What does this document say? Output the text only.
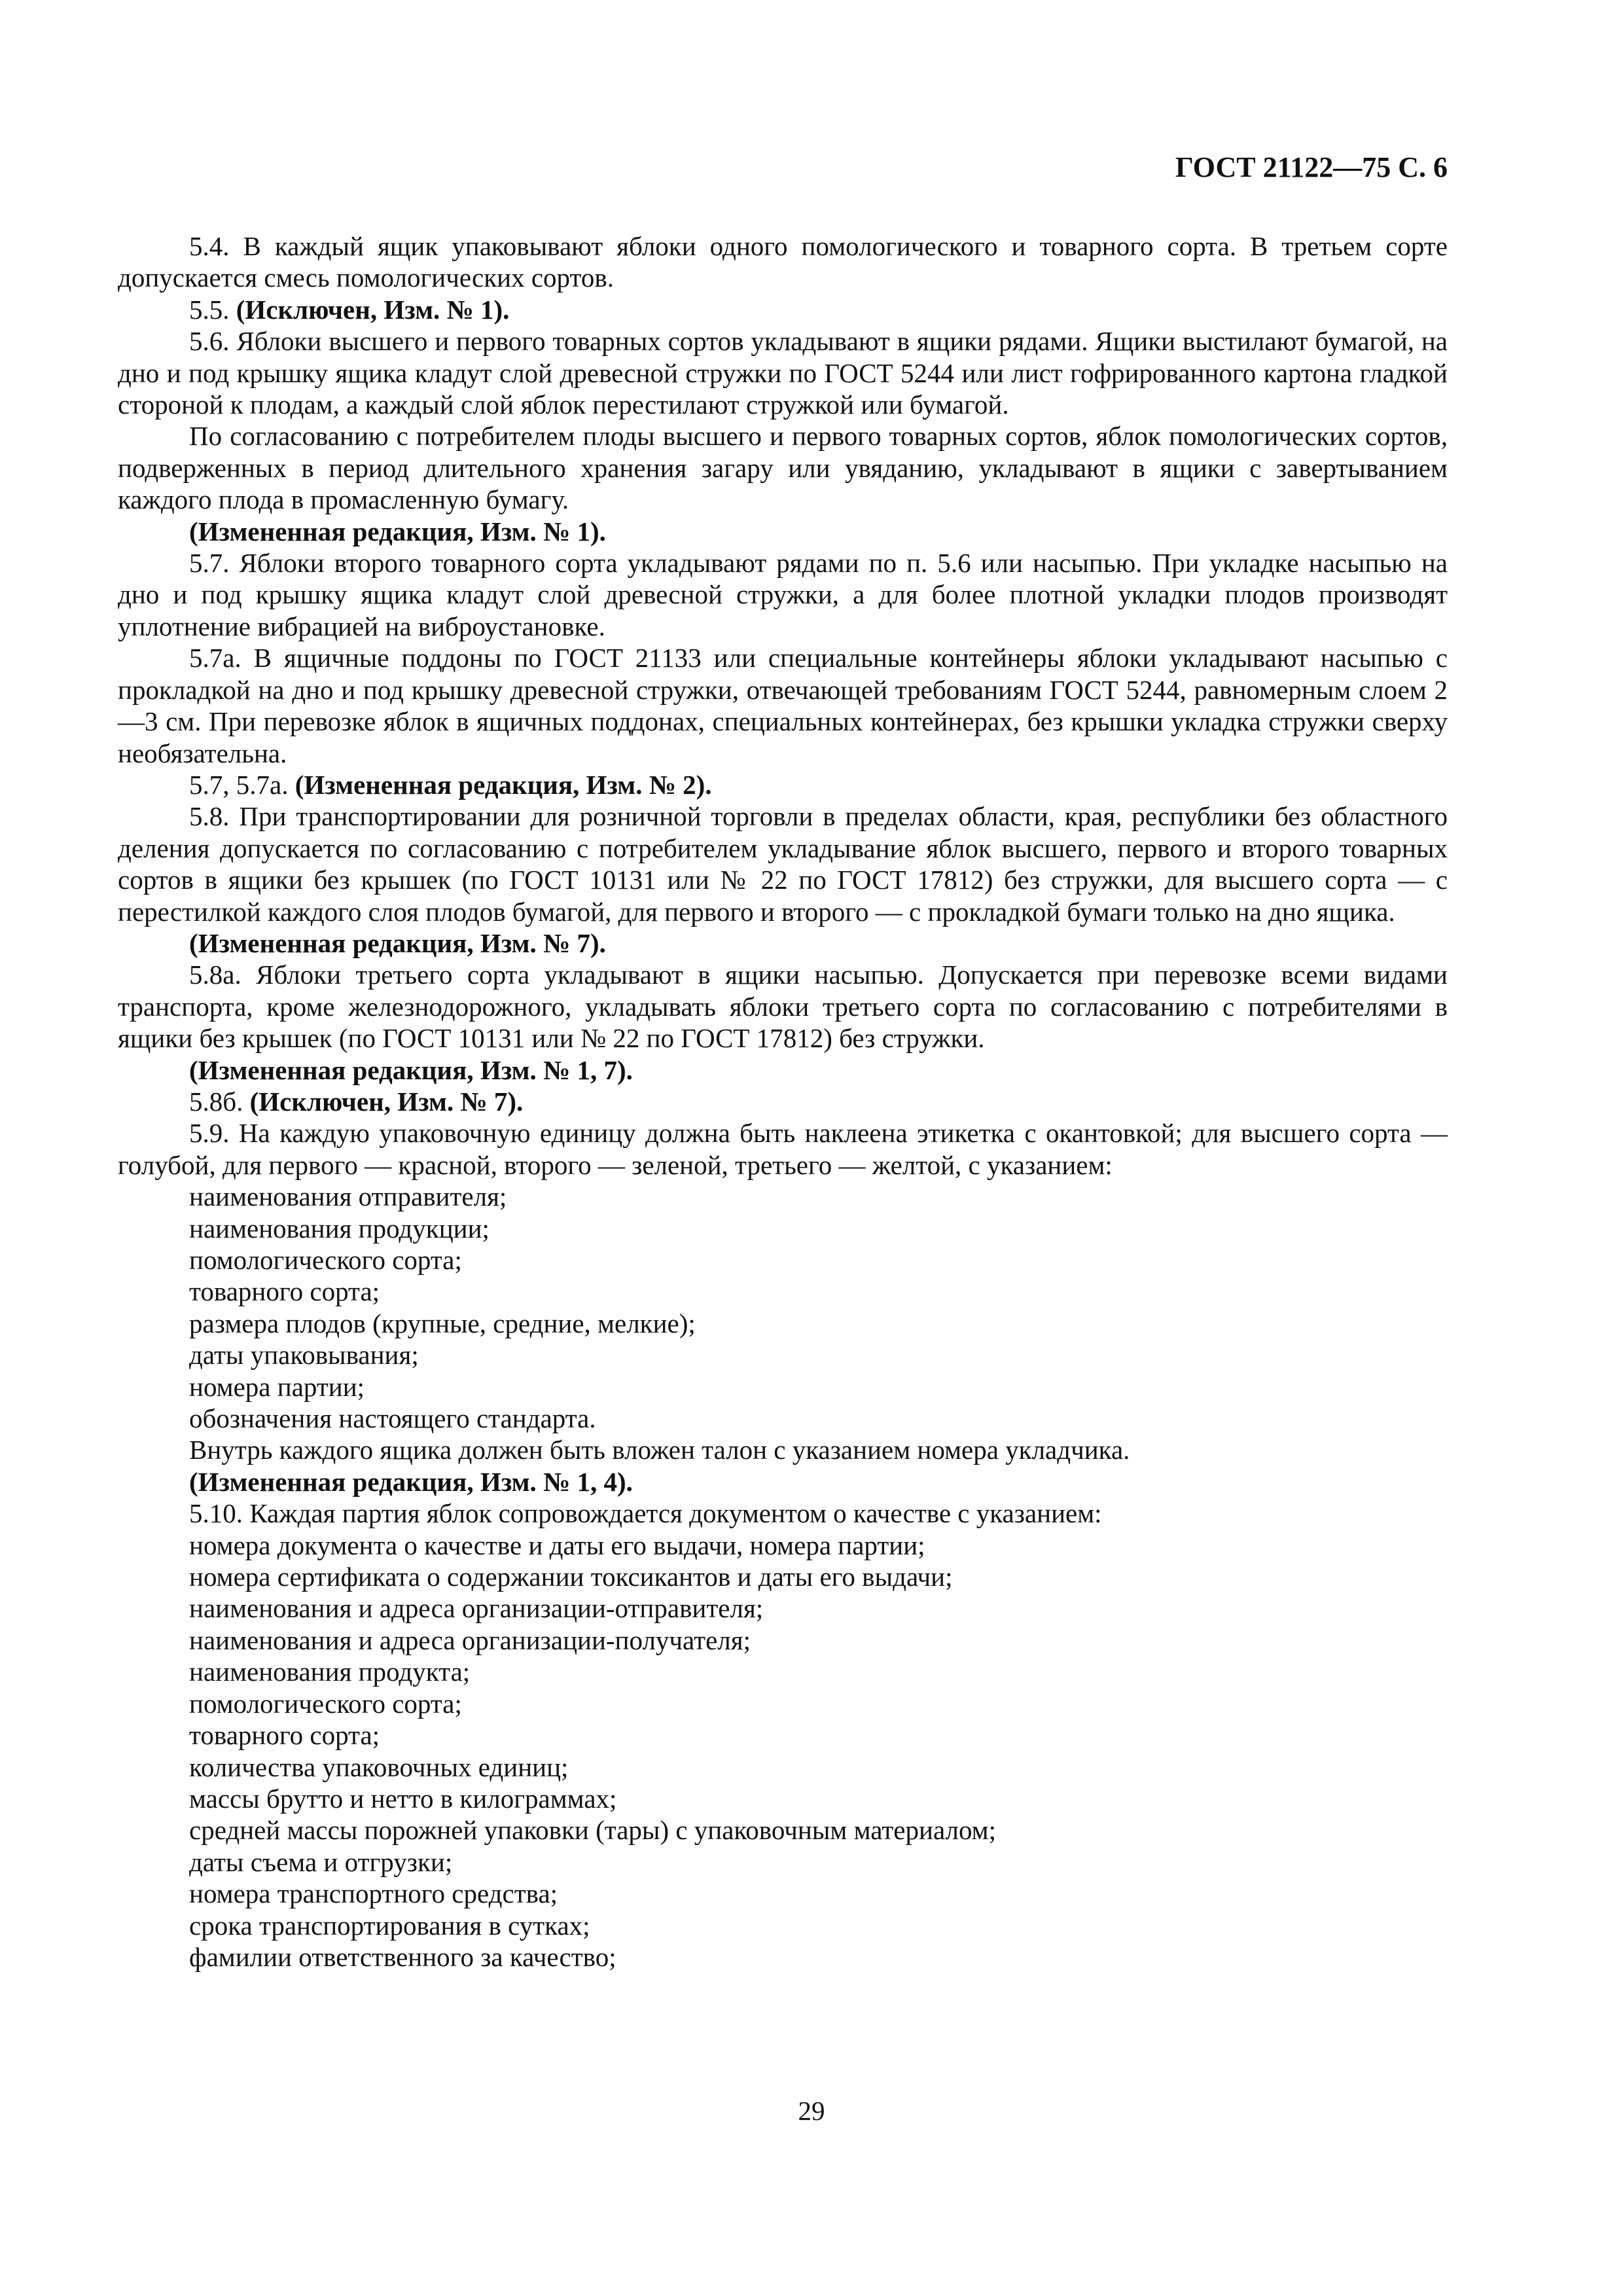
ГОСТ 21122—75 С. 6

5.4. В каждый ящик упаковывают яблоки одного помологического и товарного сорта. В третьем сорте допускается смесь помологических сортов.

5.5. (Исключен, Изм. № 1).

5.6. Яблоки высшего и первого товарных сортов укладывают в ящики рядами. Ящики выстилают бумагой, на дно и под крышку ящика кладут слой древесной стружки по ГОСТ 5244 или лист гофрированного картона гладкой стороной к плодам, а каждый слой яблок перестилают стружкой или бумагой.

По согласованию с потребителем плоды высшего и первого товарных сортов, яблок помологических сортов, подверженных в период длительного хранения загару или увяданию, укладывают в ящики с завертыванием каждого плода в промасленную бумагу.

(Измененная редакция, Изм. № 1).

5.7. Яблоки второго товарного сорта укладывают рядами по п. 5.6 или насыпью. При укладке насыпью на дно и под крышку ящика кладут слой древесной стружки, а для более плотной укладки плодов производят уплотнение вибрацией на виброустановке.

5.7а. В ящичные поддоны по ГОСТ 21133 или специальные контейнеры яблоки укладывают насыпью с прокладкой на дно и под крышку древесной стружки, отвечающей требованиям ГОСТ 5244, равномерным слоем 2—3 см. При перевозке яблок в ящичных поддонах, специальных контейнерах, без крышки укладка стружки сверху необязательна.

5.7, 5.7а. (Измененная редакция, Изм. № 2).

5.8. При транспортировании для розничной торговли в пределах области, края, республики без областного деления допускается по согласованию с потребителем укладывание яблок высшего, первого и второго товарных сортов в ящики без крышек (по ГОСТ 10131 или № 22 по ГОСТ 17812) без стружки, для высшего сорта — с перестилкой каждого слоя плодов бумагой, для первого и второго — с прокладкой бумаги только на дно ящика.

(Измененная редакция, Изм. № 7).

5.8а. Яблоки третьего сорта укладывают в ящики насыпью. Допускается при перевозке всеми видами транспорта, кроме железнодорожного, укладывать яблоки третьего сорта по согласованию с потребителями в ящики без крышек (по ГОСТ 10131 или № 22 по ГОСТ 17812) без стружки.

(Измененная редакция, Изм. № 1, 7).

5.8б. (Исключен, Изм. № 7).

5.9. На каждую упаковочную единицу должна быть наклеена этикетка с окантовкой; для высшего сорта — голубой, для первого — красной, второго — зеленой, третьего — желтой, с указанием:

наименования отправителя;

наименования продукции;

помологического сорта;

товарного сорта;

размера плодов (крупные, средние, мелкие);

даты упаковывания;

номера партии;

обозначения настоящего стандарта.

Внутрь каждого ящика должен быть вложен талон с указанием номера укладчика.

(Измененная редакция, Изм. № 1, 4).

5.10. Каждая партия яблок сопровождается документом о качестве с указанием:

номера документа о качестве и даты его выдачи, номера партии;

номера сертификата о содержании токсикантов и даты его выдачи;

наименования и адреса организации-отправителя;

наименования и адреса организации-получателя;

наименования продукта;

помологического сорта;

товарного сорта;

количества упаковочных единиц;

массы брутто и нетто в килограммах;

средней массы порожней упаковки (тары) с упаковочным материалом;

даты съема и отгрузки;

номера транспортного средства;

срока транспортирования в сутках;

фамилии ответственного за качество;

29
